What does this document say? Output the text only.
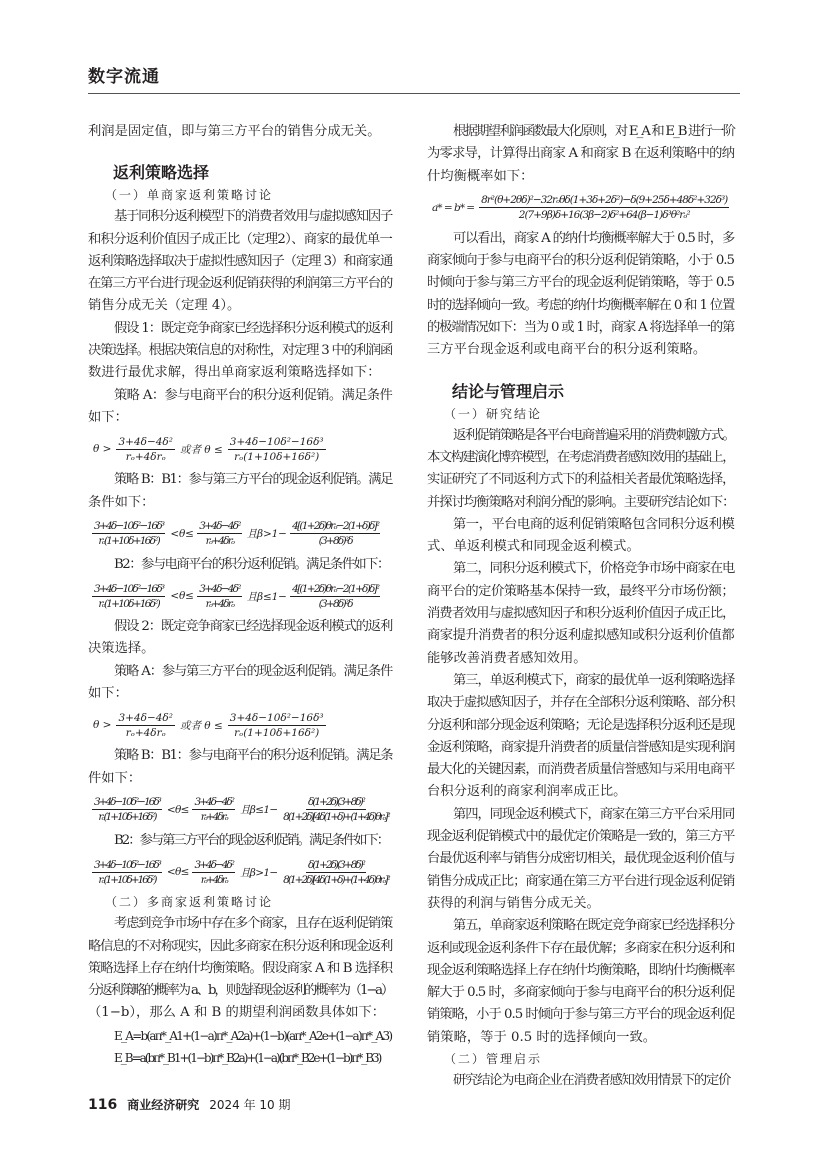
数字流通
利润是固定值，即与第三方平台的销售分成无关。
返利策略选择
（一）单商家返利策略讨论
基于同积分返利模型下的消费者效用与虚拟感知因子
和积分返利价值因子成正比（定理2）、商家的最优单一
返利策略选择取决于虚拟性感知因子（定理 3）和商家通
在第三方平台进行现金返利促销获得的利润第三方平台的
销售分成无关（定理 4）。
假设 1：既定竞争商家已经选择积分返利模式的返利
决策选择。根据决策信息的对称性，对定理 3 中的利润函
数进行最优求解，得出单商家返利策略选择如下：
策略 A：参与电商平台的积分返利促销。满足条件
如下：
$\theta > \frac{\text{3+4δ−4δ²}}{\text{rₒ+4δrₒ}}$ 或者 $\theta \le \frac{\text{3+4δ−10δ²−16δ³}}{\text{rₒ(1+10δ+16δ²)}}$
策略 B：B1：参与第三方平台的现金返利促销。满足
条件如下：
$\frac{\text{3+4δ−10δ²−16δ³}}{\text{rₒ(1+10δ+16δ²)}} < \theta \le \frac{\text{3+4δ−4δ²}}{\text{rₒ+4δrₒ}}$ 且 $\beta > 1 - \frac{\text{4[(1+2δ)θrₒ−2(1+δ)δ]²}}{\text{(3+8δ)²δ}}$
B2：参与电商平台的积分返利促销。满足条件如下：
$\frac{\text{3+4δ−10δ²−16δ³}}{\text{rₒ(1+10δ+16δ²)}} < \theta \le \frac{\text{3+4δ−4δ²}}{\text{rₒ+4δrₒ}}$ 且 $\beta \le 1 - \frac{\text{4[(1+2δ)θrₒ−2(1+δ)δ]²}}{\text{(3+8δ)²δ}}$
假设 2：既定竞争商家已经选择现金返利模式的返利
决策选择。
策略 A：参与第三方平台的现金返利促销。满足条件
如下：
$\theta > \frac{\text{3+4δ−4δ²}}{\text{rₒ+4δrₒ}}$ 或者 $\theta \le \frac{\text{3+4δ−10δ²−16δ³}}{\text{rₒ(1+10δ+16δ²)}}$
策略 B：B1：参与电商平台的积分返利促销。满足条
件如下：
$\frac{\text{3+4δ−10δ²−16δ³}}{\text{rₒ(1+10δ+16δ²)}} < \theta \le \frac{\text{3+4δ−4δ²}}{\text{rₒ+4δrₒ}}$ 且 $\beta \le 1 - \frac{\text{δ(1+2δ)(3+8δ)²}}{\text{8(1+2δ)[4δ(1+δ)+(1+4δ)θrₒ]²}}$
B2：参与第三方平台的现金返利促销。满足条件如下：
$\frac{\text{3+4δ−10δ²−16δ³}}{\text{rₒ(1+10δ+16δ²)}} < \theta \le \frac{\text{3+4δ−4δ²}}{\text{rₒ+4δrₒ}}$ 且 $\beta > 1 - \frac{\text{δ(1+2δ)(3+8δ)²}}{\text{8(1+2δ)[4δ(1+δ)+(1+4δ)θrₒ]²}}$
（二）多商家返利策略讨论
考虑到竞争市场中存在多个商家，且存在返利促销策
略信息的不对称现实，因此多商家在积分返利和现金返利
策略选择上存在纳什均衡策略。假设商家 A 和 B 选择积
分返利策略的概率为 a、b，则选择现金返利的概率为（1−a）
（1−b），那么 A 和 B 的期望利润函数具体如下：
E_A=b(aπ*_A1+(1−a)π*_A2a)+(1−b)(aπ*_A2e+(1−a)π*_A3)
E_B=a(bπ*_B1+(1−b)π*_B2a)+(1−a)(bπ*_B2e+(1−b)π*_B3)
根据期望利润函数最大化原则，对 E_A 和 E_B 进行一阶
为零求导，计算得出商家 A 和商家 B 在返利策略中的纳
什均衡概率如下：
$a* = b* = \frac{\text{8r²(θ+2θδ)²−32rₒθδ(1+3δ+2δ²)−δ(9+25δ+48δ²+32δ³)}}{\text{2(7+9β)δ+16(3β−2)δ²+64(β−1)δ³θ²rₒ²}}$
可以看出，商家 A 的纳什均衡概率解大于 0.5 时，多
商家倾向于参与电商平台的积分返利促销策略，小于 0.5
时倾向于参与第三方平台的现金返利促销策略，等于 0.5
时的选择倾向一致。考虑的纳什均衡概率解在 0 和 1 位置
的极端情况如下：当为 0 或 1 时，商家 A 将选择单一的第
三方平台现金返利或电商平台的积分返利策略。
结论与管理启示
（一）研究结论
返利促销策略是各平台电商普遍采用的消费刺激方式。
本文构建演化博弈模型，在考虑消费者感知效用的基础上，
实证研究了不同返利方式下的利益相关者最优策略选择，
并探讨均衡策略对利润分配的影响。主要研究结论如下：
第一，平台电商的返利促销策略包含同积分返利模
式、单返利模式和同现金返利模式。
第二，同积分返利模式下，价格竞争市场中商家在电
商平台的定价策略基本保持一致，最终平分市场份额；
消费者效用与虚拟感知因子和积分返利价值因子成正比，
商家提升消费者的积分返利虚拟感知或积分返利价值都
能够改善消费者感知效用。
第三，单返利模式下，商家的最优单一返利策略选择
取决于虚拟感知因子，并存在全部积分返利策略、部分积
分返利和部分现金返利策略；无论是选择积分返利还是现
金返利策略，商家提升消费者的质量信誉感知是实现利润
最大化的关键因素，而消费者质量信誉感知与采用电商平
台积分返利的商家利润率成正比。
第四，同现金返利模式下，商家在第三方平台采用同
现金返利促销模式中的最优定价策略是一致的，第三方平
台最优返利率与销售分成密切相关，最优现金返利价值与
销售分成成正比；商家通在第三方平台进行现金返利促销
获得的利润与销售分成无关。
第五，单商家返利策略在既定竞争商家已经选择积分
返利或现金返利条件下存在最优解；多商家在积分返利和
现金返利策略选择上存在纳什均衡策略，即纳什均衡概率
解大于 0.5 时，多商家倾向于参与电商平台的积分返利促
销策略，小于 0.5 时倾向于参与第三方平台的现金返利促
销策略，等于 0.5 时的选择倾向一致。
（二）管理启示
研究结论为电商企业在消费者感知效用情景下的定价
116 商业经济研究 2024 年 10 期
